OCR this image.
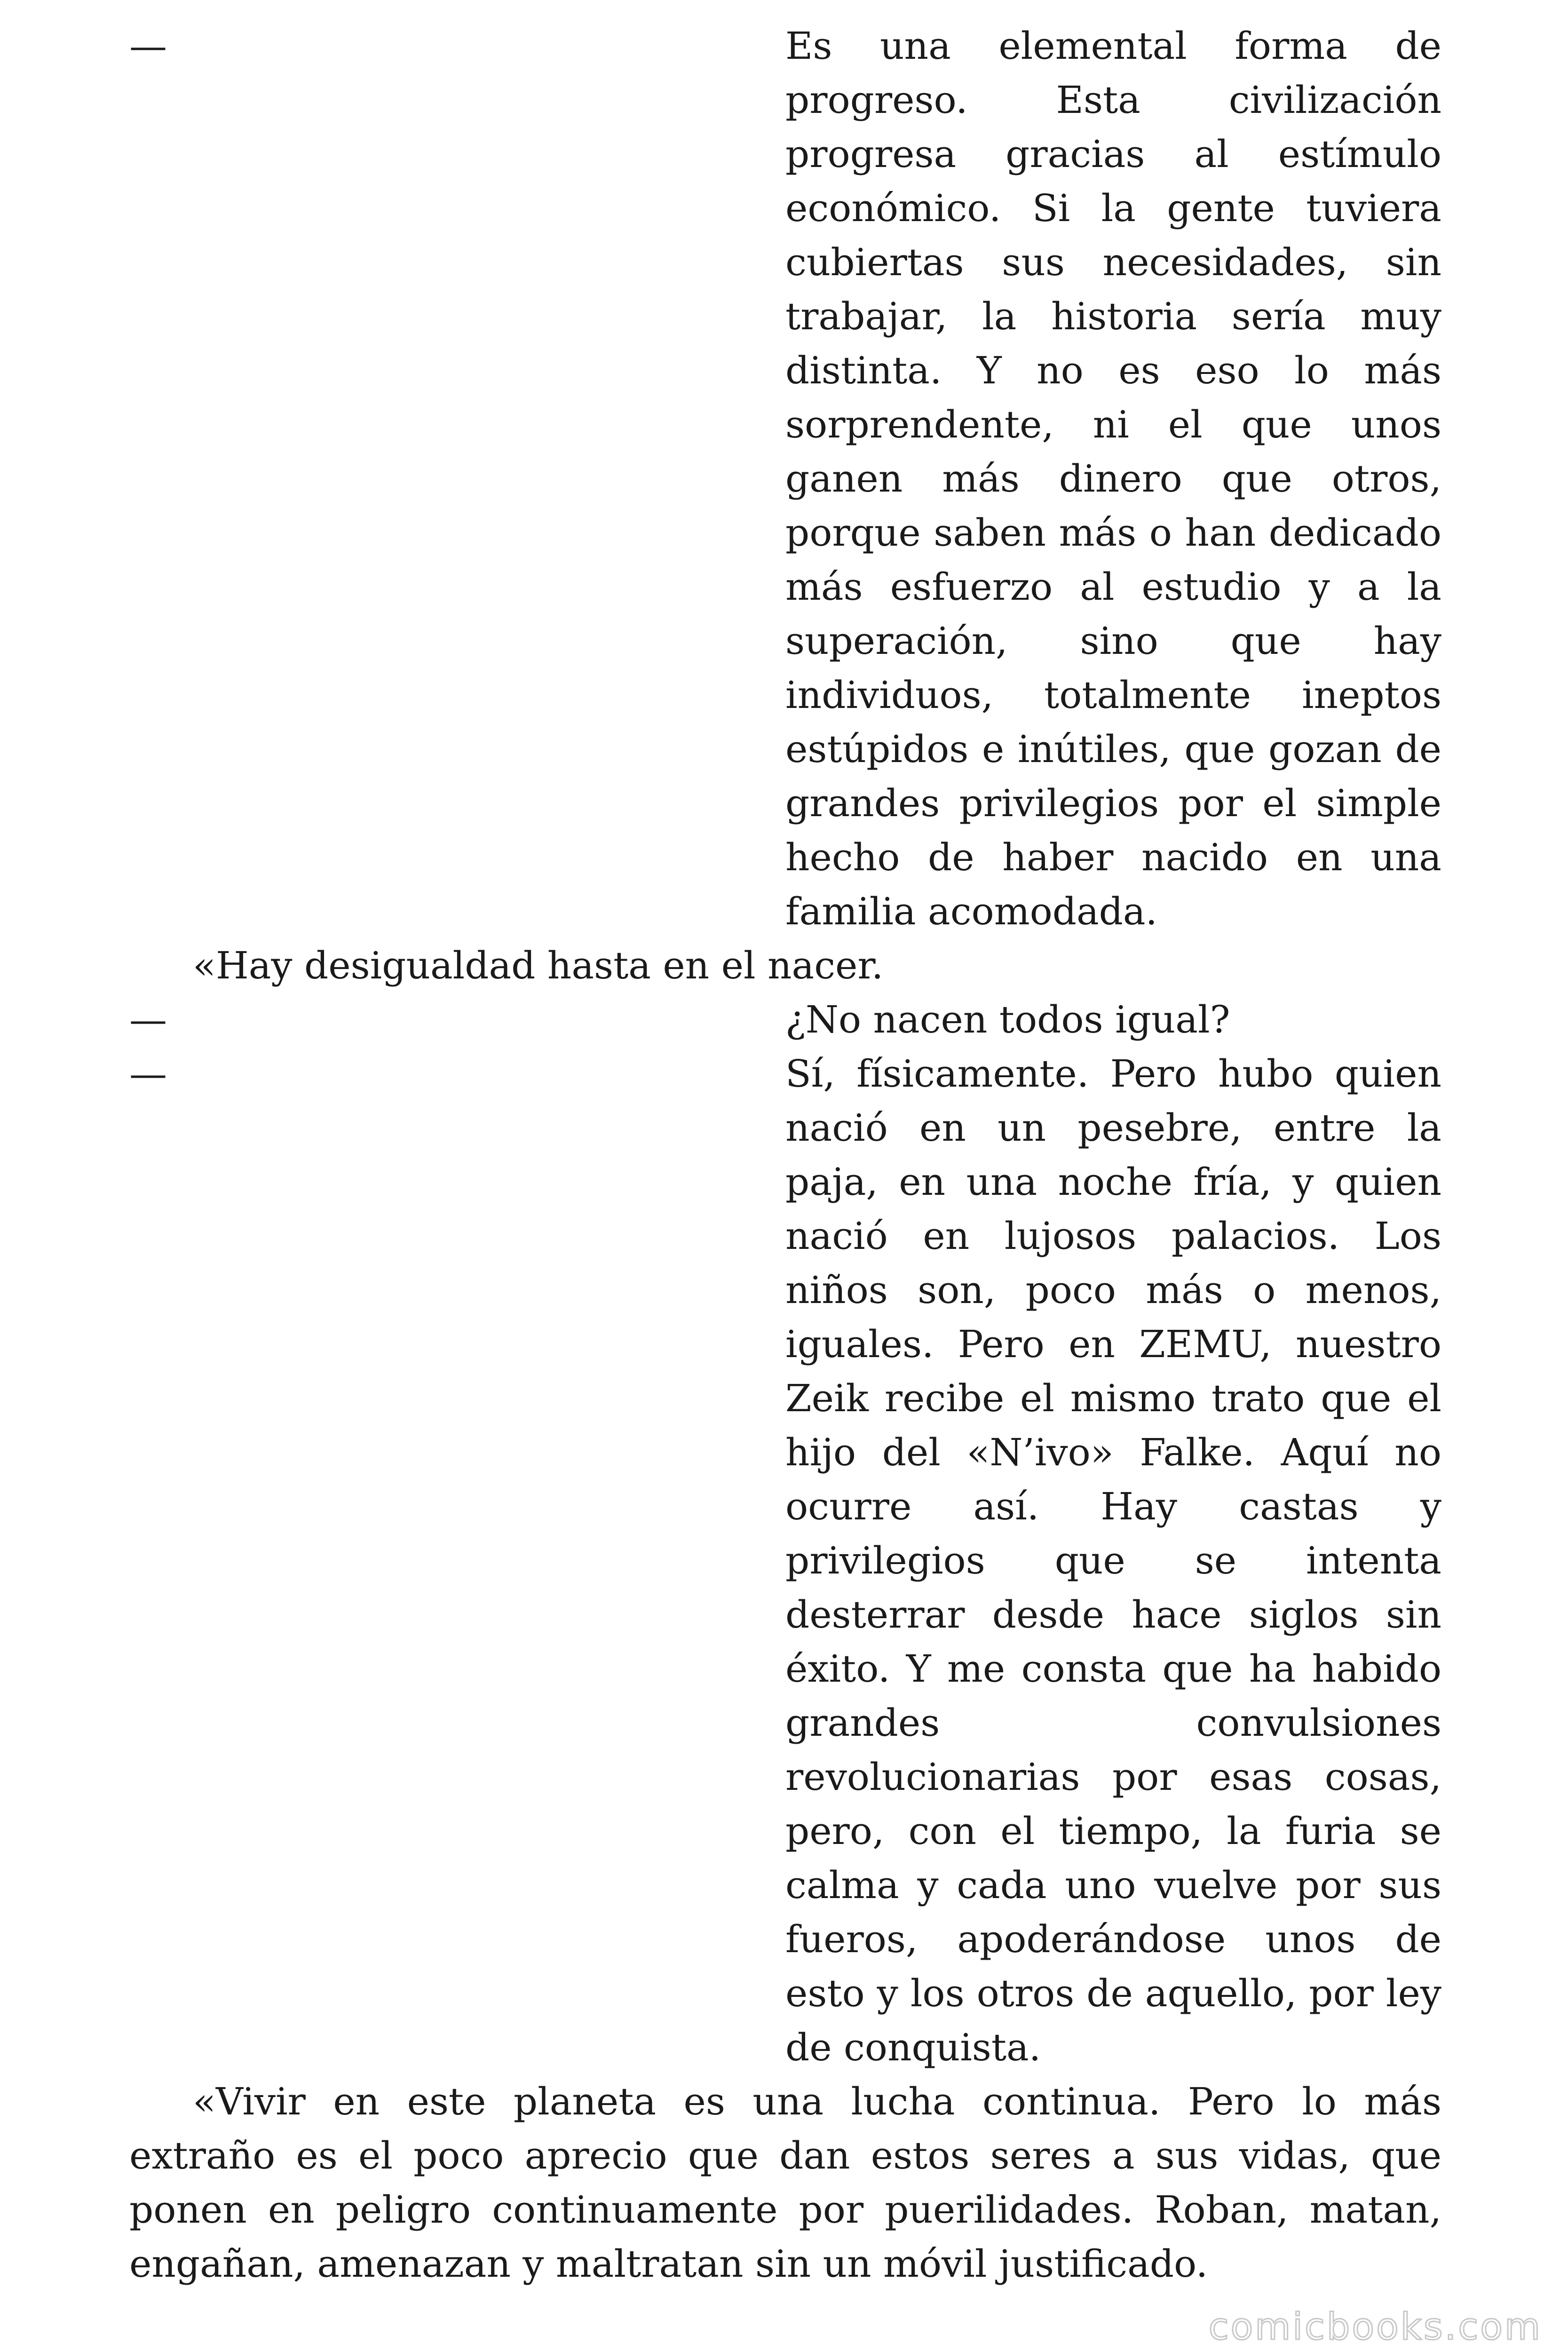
—	Es una elemental forma de progreso. Esta civilización progresa gracias al estímulo económico. Si la gente tuviera cubiertas sus necesidades, sin trabajar, la historia sería muy distinta. Y no es eso lo más sorprendente, ni el que unos ganen más dinero que otros, porque saben más o han dedicado más esfuerzo al estudio y a la superación, sino que hay individuos, totalmente ineptos estúpidos e inútiles, que gozan de grandes privilegios por el simple hecho de haber nacido en una familia acomodada.

«Hay desigualdad hasta en el nacer.

—	¿No nacen todos igual?
—	Sí, físicamente. Pero hubo quien nació en un pesebre, entre la paja, en una noche fría, y quien nació en lujosos palacios. Los niños son, poco más o menos, iguales. Pero en ZEMU, nuestro Zeik recibe el mismo trato que el hijo del «N’ivo» Falke. Aquí no ocurre así. Hay castas y privilegios que se intenta desterrar desde hace siglos sin éxito. Y me consta que ha habido grandes convulsiones revolucionarias por esas cosas, pero, con el tiempo, la furia se calma y cada uno vuelve por sus fueros, apoderándose unos de esto y los otros de aquello, por ley de conquista.

«Vivir en este planeta es una lucha continua. Pero lo más extraño es el poco aprecio que dan estos seres a sus vidas, que ponen en peligro continuamente por puerilidades. Roban, matan, engañan, amenazan y maltratan sin un móvil justificado.

comicbooks.com
